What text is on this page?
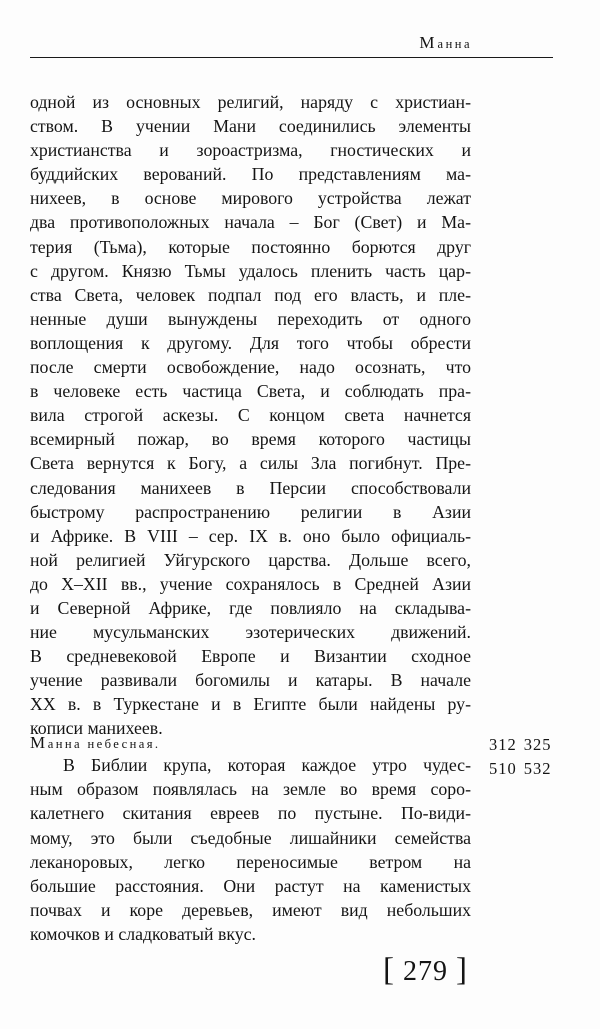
Манна
одной из основных религий, наряду с христиан-
ством. В учении Мани соединились элементы
христианства и зороастризма, гностических и
буддийских верований. По представлениям ма-
нихеев, в основе мирового устройства лежат
два противоположных начала – Бог (Свет) и Ма-
терия (Тьма), которые постоянно борются друг
с другом. Князю Тьмы удалось пленить часть цар-
ства Света, человек подпал под его власть, и пле-
ненные души вынуждены переходить от одного
воплощения к другому. Для того чтобы обрести
после смерти освобождение, надо осознать, что
в человеке есть частица Света, и соблюдать пра-
вила строгой аскезы. С концом света начнется
всемирный пожар, во время которого частицы
Света вернутся к Богу, а силы Зла погибнут. Пре-
следования манихеев в Персии способствовали
быстрому распространению религии в Азии
и Африке. В VIII – сер. IX в. оно было официаль-
ной религией Уйгурского царства. Дольше всего,
до X–XII вв., учение сохранялось в Средней Азии
и Северной Африке, где повлияло на складыва-
ние мусульманских эзотерических движений.
В средневековой Европе и Византии сходное
учение развивали богомилы и катары. В начале
XX в. в Туркестане и в Египте были найдены ру-
кописи манихеев.
Манна небесная.	312 325
510 532
В Библии крупа, которая каждое утро чудес-
ным образом появлялась на земле во время соро-
калетнего скитания евреев по пустыне. По-види-
мому, это были съедобные лишайники семейства
леканоровых, легко переносимые ветром на
большие расстояния. Они растут на каменистых
почвах и коре деревьев, имеют вид небольших
комочков и сладковатый вкус.
[ 279 ]
